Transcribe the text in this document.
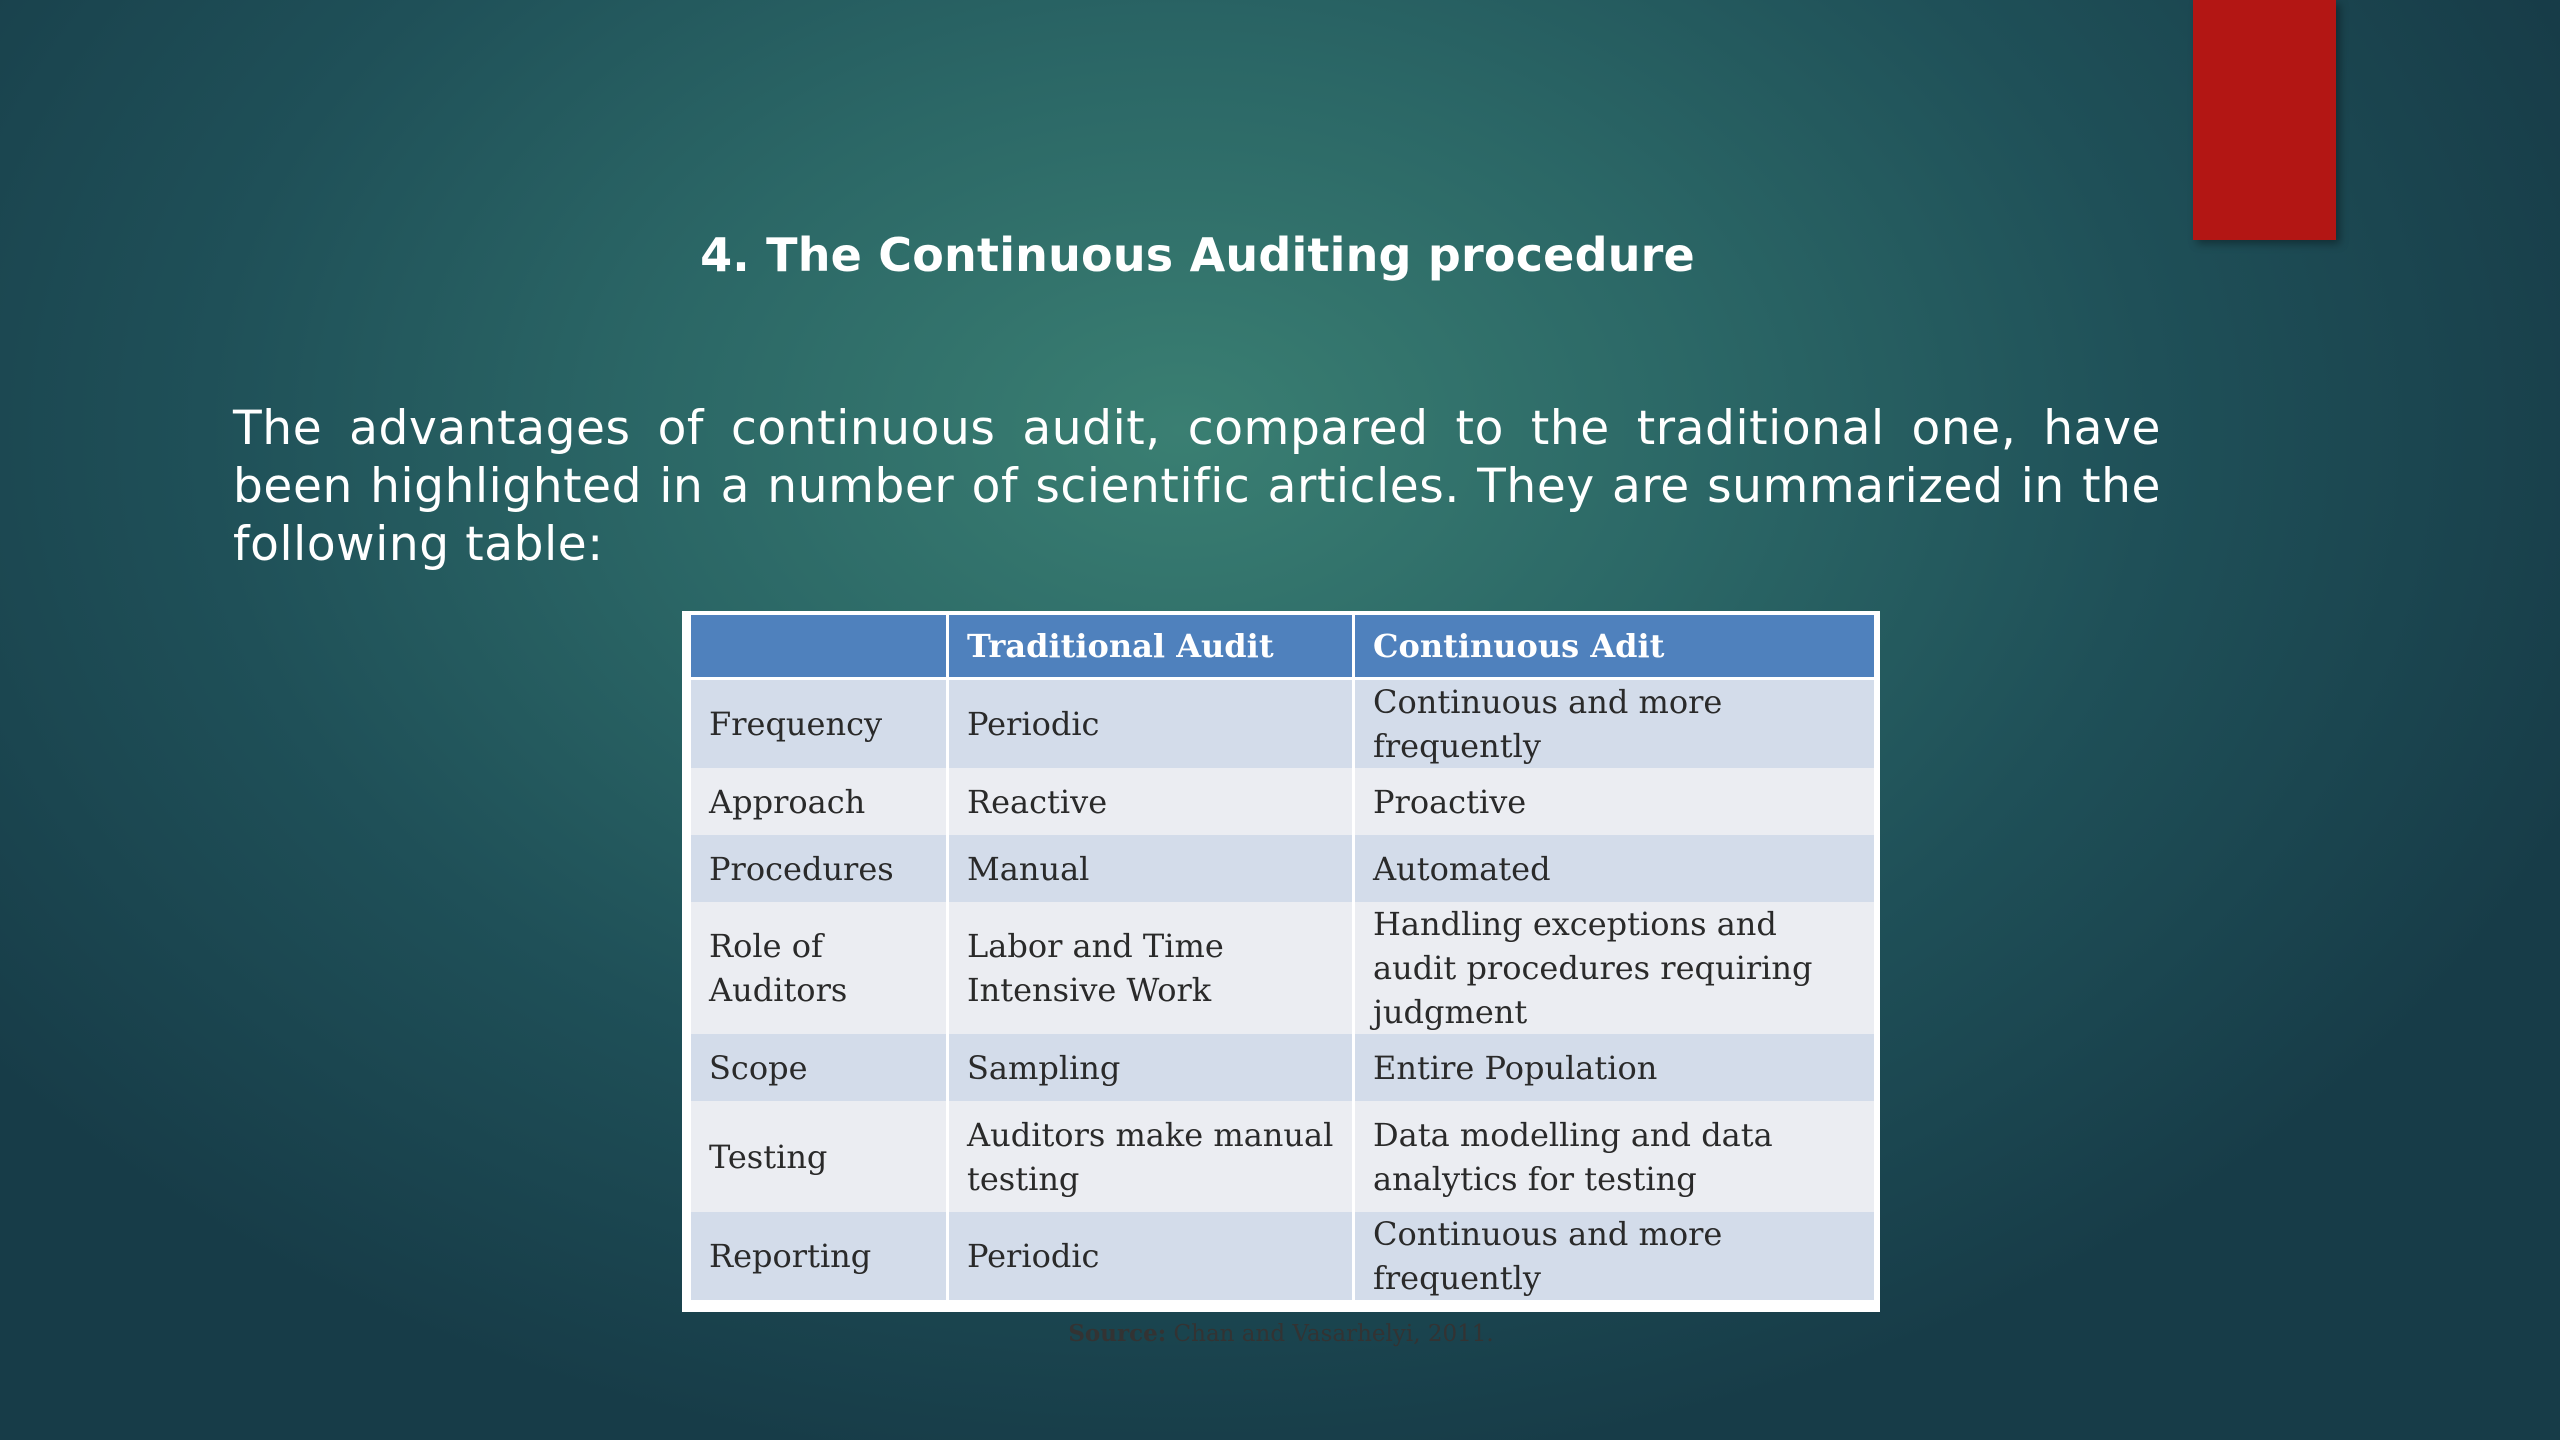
4. The Continuous Auditing procedure

The advantages of continuous audit, compared to the traditional one, have been highlighted in a number of scientific articles. They are summarized in the following table:

	Traditional Audit	Continuous Adit
Frequency	Periodic	Continuous and more frequently
Approach	Reactive	Proactive
Procedures	Manual	Automated
Role of Auditors	Labor and Time Intensive Work	Handling exceptions and audit procedures requiring judgment
Scope	Sampling	Entire Population
Testing	Auditors make manual testing	Data modelling and data analytics for testing
Reporting	Periodic	Continuous and more frequently
Source: Chan and Vasarhelyi, 2011.
